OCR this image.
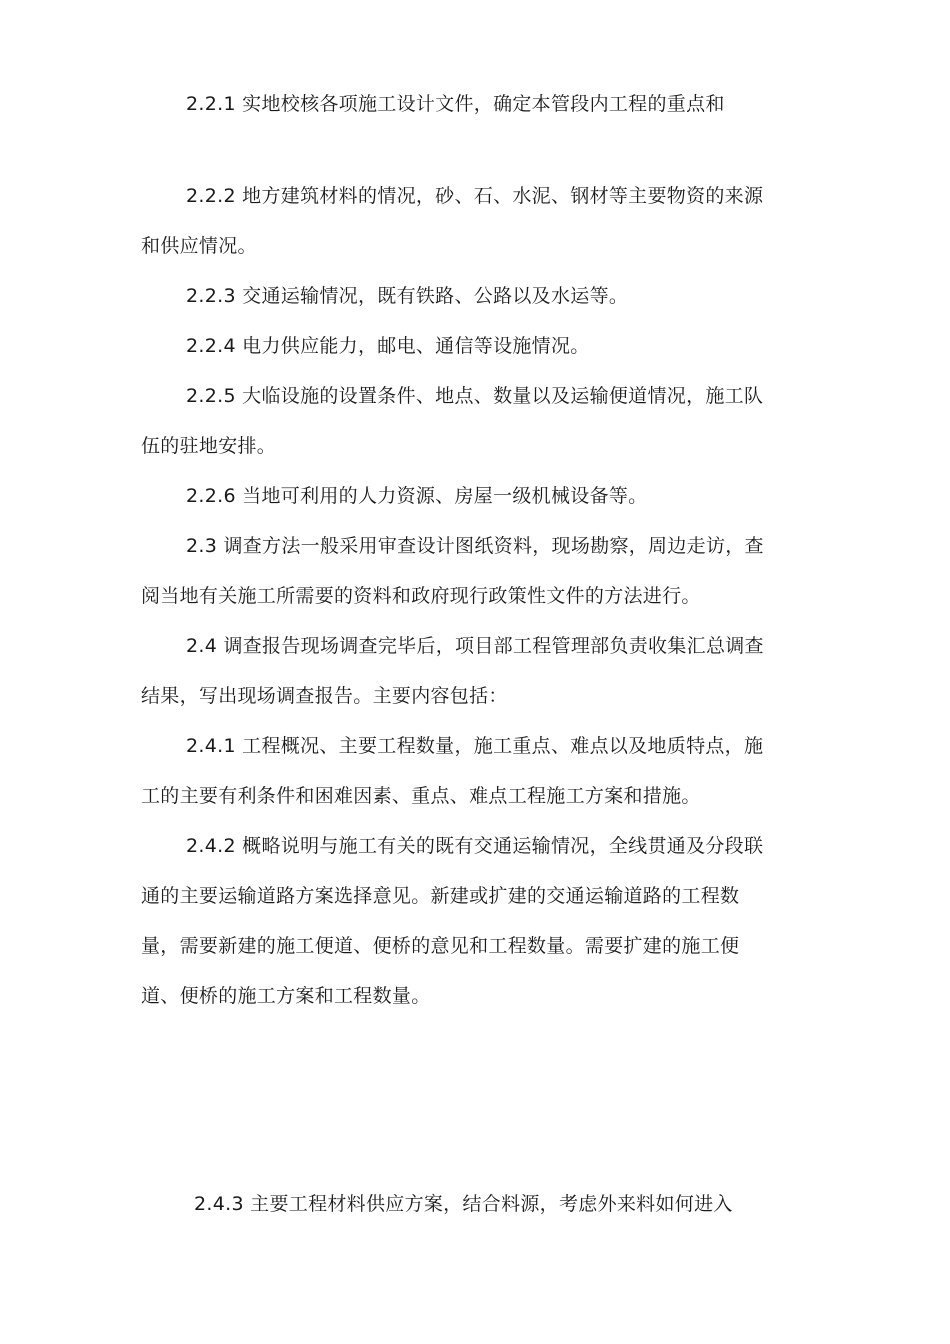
2.2.1 实地校核各项施工设计文件，确定本管段内工程的重点和
2.2.2 地方建筑材料的情况，砂、石、水泥、钢材等主要物资的来源
和供应情况。
2.2.3 交通运输情况，既有铁路、公路以及水运等。
2.2.4 电力供应能力，邮电、通信等设施情况。
2.2.5 大临设施的设置条件、地点、数量以及运输便道情况，施工队
伍的驻地安排。
2.2.6 当地可利用的人力资源、房屋一级机械设备等。
2.3 调查方法一般采用审查设计图纸资料，现场勘察，周边走访，查
阅当地有关施工所需要的资料和政府现行政策性文件的方法进行。
2.4 调查报告现场调查完毕后，项目部工程管理部负责收集汇总调查
结果，写出现场调查报告。主要内容包括：
2.4.1 工程概况、主要工程数量，施工重点、难点以及地质特点，施
工的主要有利条件和困难因素、重点、难点工程施工方案和措施。
2.4.2 概略说明与施工有关的既有交通运输情况，全线贯通及分段联
通的主要运输道路方案选择意见。新建或扩建的交通运输道路的工程数
量，需要新建的施工便道、便桥的意见和工程数量。需要扩建的施工便
道、便桥的施工方案和工程数量。
2.4.3 主要工程材料供应方案，结合料源，考虑外来料如何进入
